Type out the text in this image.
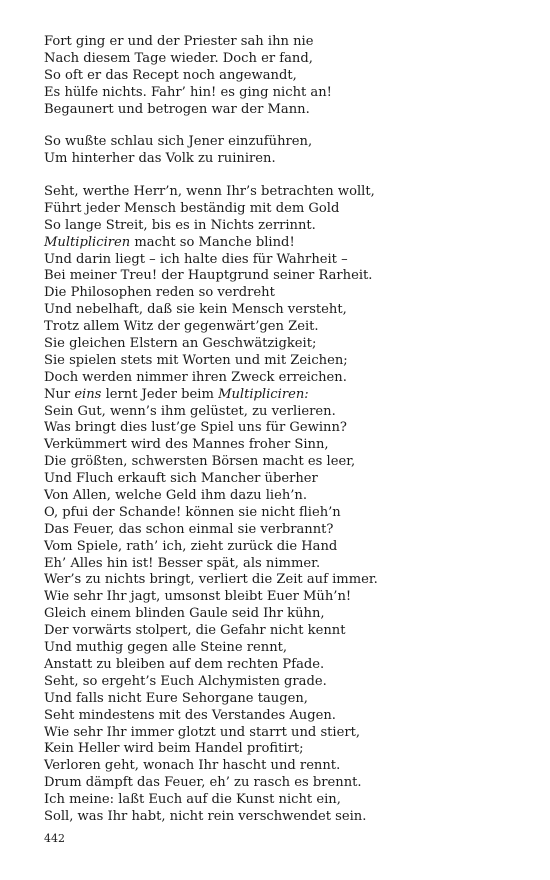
Fort ging er und der Priester sah ihn nie
Nach diesem Tage wieder. Doch er fand,
So oft er das Recept noch angewandt,
Es hülfe nichts. Fahr’ hin! es ging nicht an!
Begaunert und betrogen war der Mann.
So wußte schlau sich Jener einzuführen,
Um hinterher das Volk zu ruiniren.
Seht, werthe Herr’n, wenn Ihr’s betrachten wollt,
Führt jeder Mensch beständig mit dem Gold
So lange Streit, bis es in Nichts zerrinnt.
Multipliciren macht so Manche blind!
Und darin liegt – ich halte dies für Wahrheit –
Bei meiner Treu! der Hauptgrund seiner Rarheit.
Die Philosophen reden so verdreht
Und nebelhaft, daß sie kein Mensch versteht,
Trotz allem Witz der gegenwärt’gen Zeit.
Sie gleichen Elstern an Geschwätzigkeit;
Sie spielen stets mit Worten und mit Zeichen;
Doch werden nimmer ihren Zweck erreichen.
Nur eins lernt Jeder beim Multipliciren:
Sein Gut, wenn’s ihm gelüstet, zu verlieren.
Was bringt dies lust’ge Spiel uns für Gewinn?
Verkümmert wird des Mannes froher Sinn,
Die größten, schwersten Börsen macht es leer,
Und Fluch erkauft sich Mancher überher
Von Allen, welche Geld ihm dazu lieh’n.
O, pfui der Schande! können sie nicht flieh’n
Das Feuer, das schon einmal sie verbrannt?
Vom Spiele, rath’ ich, zieht zurück die Hand
Eh’ Alles hin ist! Besser spät, als nimmer.
Wer’s zu nichts bringt, verliert die Zeit auf immer.
Wie sehr Ihr jagt, umsonst bleibt Euer Müh’n!
Gleich einem blinden Gaule seid Ihr kühn,
Der vorwärts stolpert, die Gefahr nicht kennt
Und muthig gegen alle Steine rennt,
Anstatt zu bleiben auf dem rechten Pfade.
Seht, so ergeht’s Euch Alchymisten grade.
Und falls nicht Eure Sehorgane taugen,
Seht mindestens mit des Verstandes Augen.
Wie sehr Ihr immer glotzt und starrt und stiert,
Kein Heller wird beim Handel profitirt;
Verloren geht, wonach Ihr hascht und rennt.
Drum dämpft das Feuer, eh’ zu rasch es brennt.
Ich meine: laßt Euch auf die Kunst nicht ein,
Soll, was Ihr habt, nicht rein verschwendet sein.
442
